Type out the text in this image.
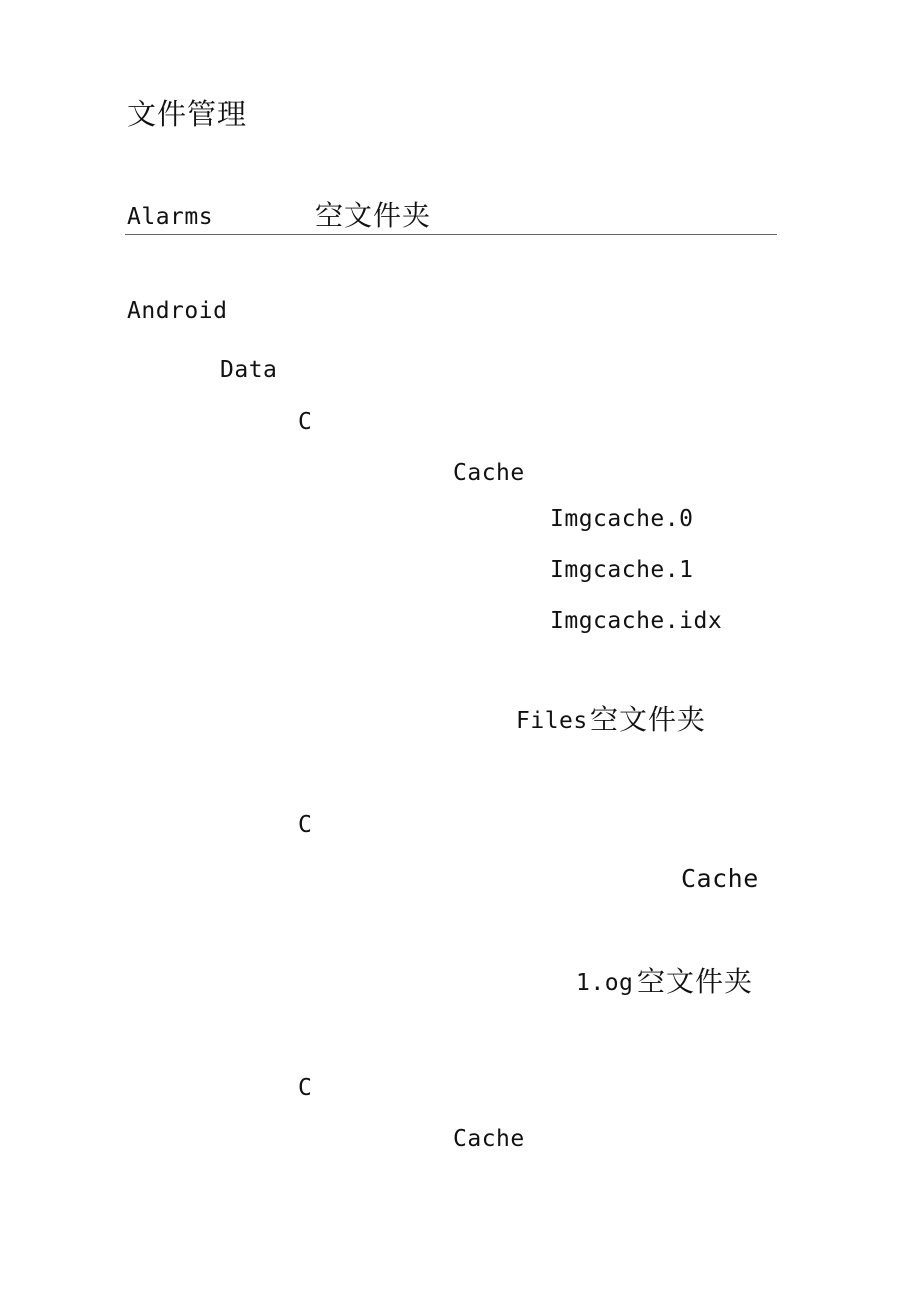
文件管理
Alarms	空文件夹
Android
Data
C
Cache
Imgcache.0
Imgcache.1
Imgcache.idx
Files 空文件夹
C
Cache
1.og 空文件夹
C
Cache
